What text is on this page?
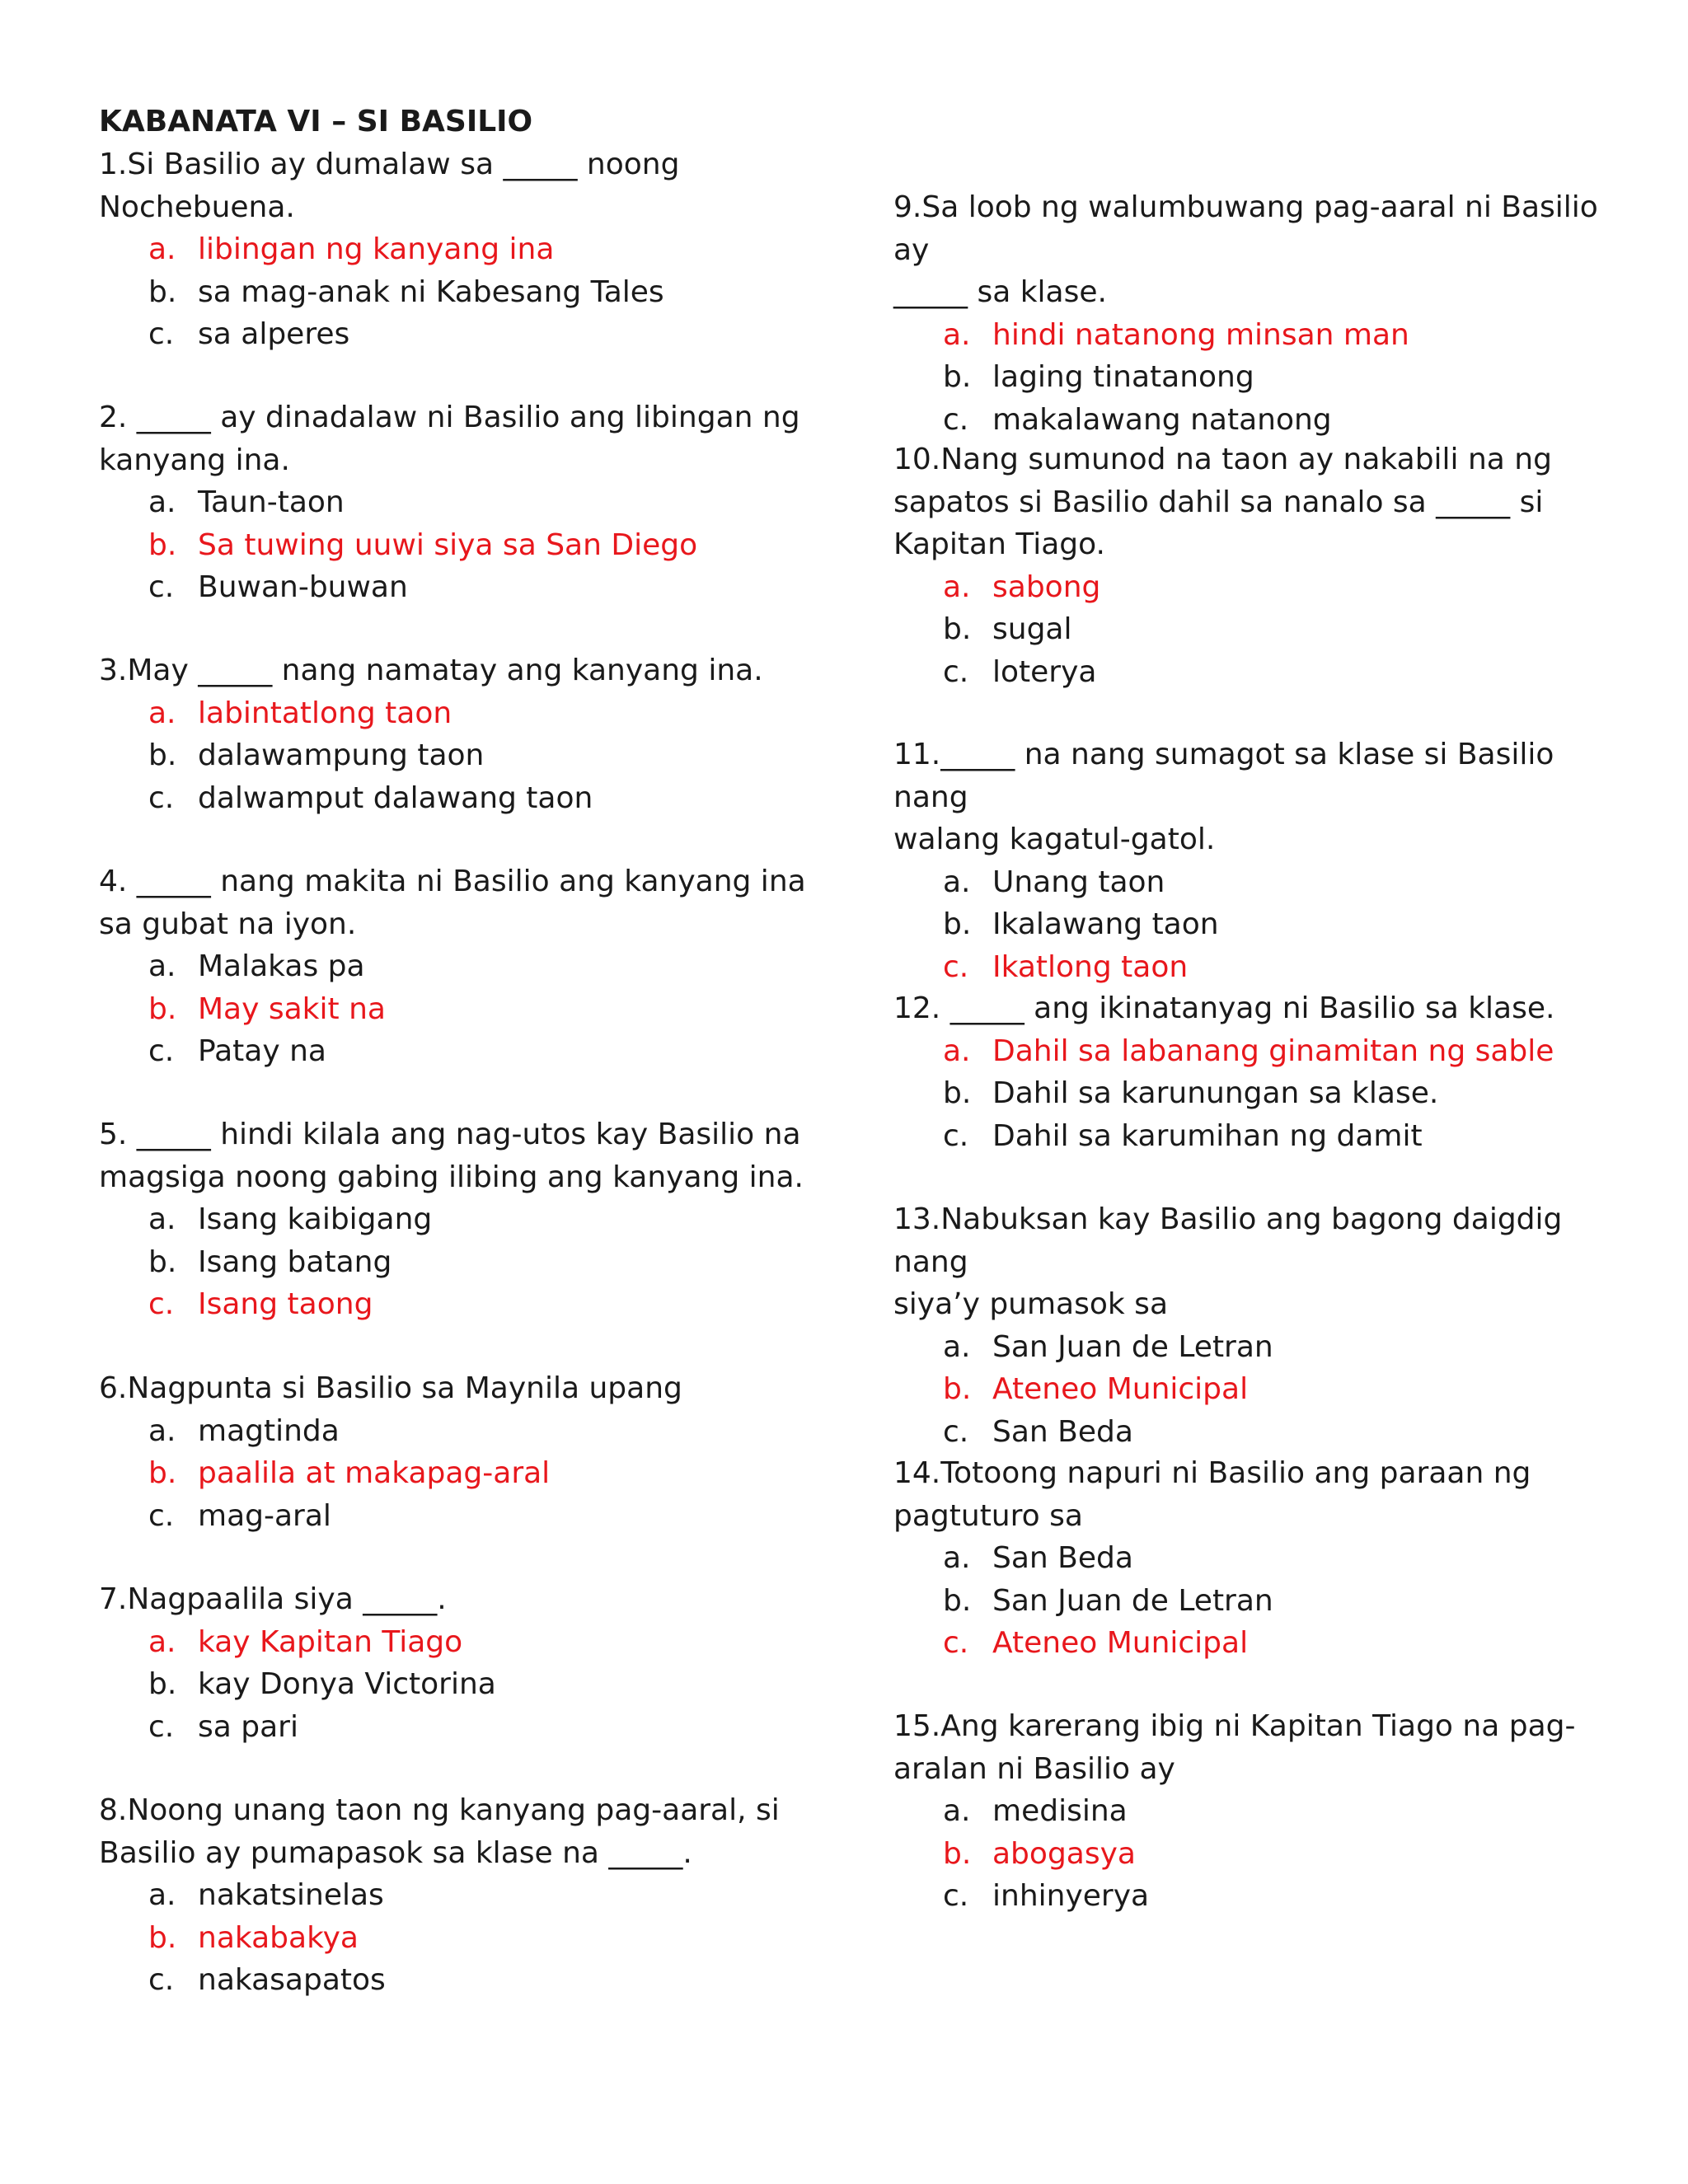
KABANATA VI – SI BASILIO

1.Si Basilio ay dumalaw sa _____ noong
Nochebuena.

a. libingan ng kanyang ina
b. sa mag-anak ni Kabesang Tales
c. sa alperes

2. _____ ay dinadalaw ni Basilio ang libingan ng
kanyang ina.

a. Taun-taon
b. Sa tuwing uuwi siya sa San Diego
c. Buwan-buwan

3.May _____ nang namatay ang kanyang ina.

a. labintatlong taon
b. dalawampung taon
c. dalwamput dalawang taon

4. _____ nang makita ni Basilio ang kanyang ina
sa gubat na iyon.

a. Malakas pa
b. May sakit na
c. Patay na

5. _____ hindi kilala ang nag-utos kay Basilio na
magsiga noong gabing ilibing ang kanyang ina.

a. Isang kaibigang
b. Isang batang
c. Isang taong

6.Nagpunta si Basilio sa Maynila upang

a. magtinda
b. paalila at makapag-aral
c. mag-aral

7.Nagpaalila siya _____.

a. kay Kapitan Tiago
b. kay Donya Victorina
c. sa pari

8.Noong unang taon ng kanyang pag-aaral, si
Basilio ay pumapasok sa klase na _____.

a. nakatsinelas
b. nakabakya
c. nakasapatos

9.Sa loob ng walumbuwang pag-aaral ni Basilio ay
_____ sa klase.

a. hindi natanong minsan man
b. laging tinatanong
c. makalawang natanong

10.Nang sumunod na taon ay nakabili na ng
sapatos si Basilio dahil sa nanalo sa _____ si
Kapitan Tiago.

a. sabong
b. sugal
c. loterya

11._____ na nang sumagot sa klase si Basilio nang
walang kagatul-gatol.

a. Unang taon
b. Ikalawang taon
c. Ikatlong taon

12. _____ ang ikinatanyag ni Basilio sa klase.

a. Dahil sa labanang ginamitan ng sable
b. Dahil sa karunungan sa klase.
c. Dahil sa karumihan ng damit

13.Nabuksan kay Basilio ang bagong daigdig nang
siya’y pumasok sa

a. San Juan de Letran
b. Ateneo Municipal
c. San Beda

14.Totoong napuri ni Basilio ang paraan ng
pagtuturo sa

a. San Beda
b. San Juan de Letran
c. Ateneo Municipal

15.Ang karerang ibig ni Kapitan Tiago na pag-
aralan ni Basilio ay

a. medisina
b. abogasya
c. inhinyerya
